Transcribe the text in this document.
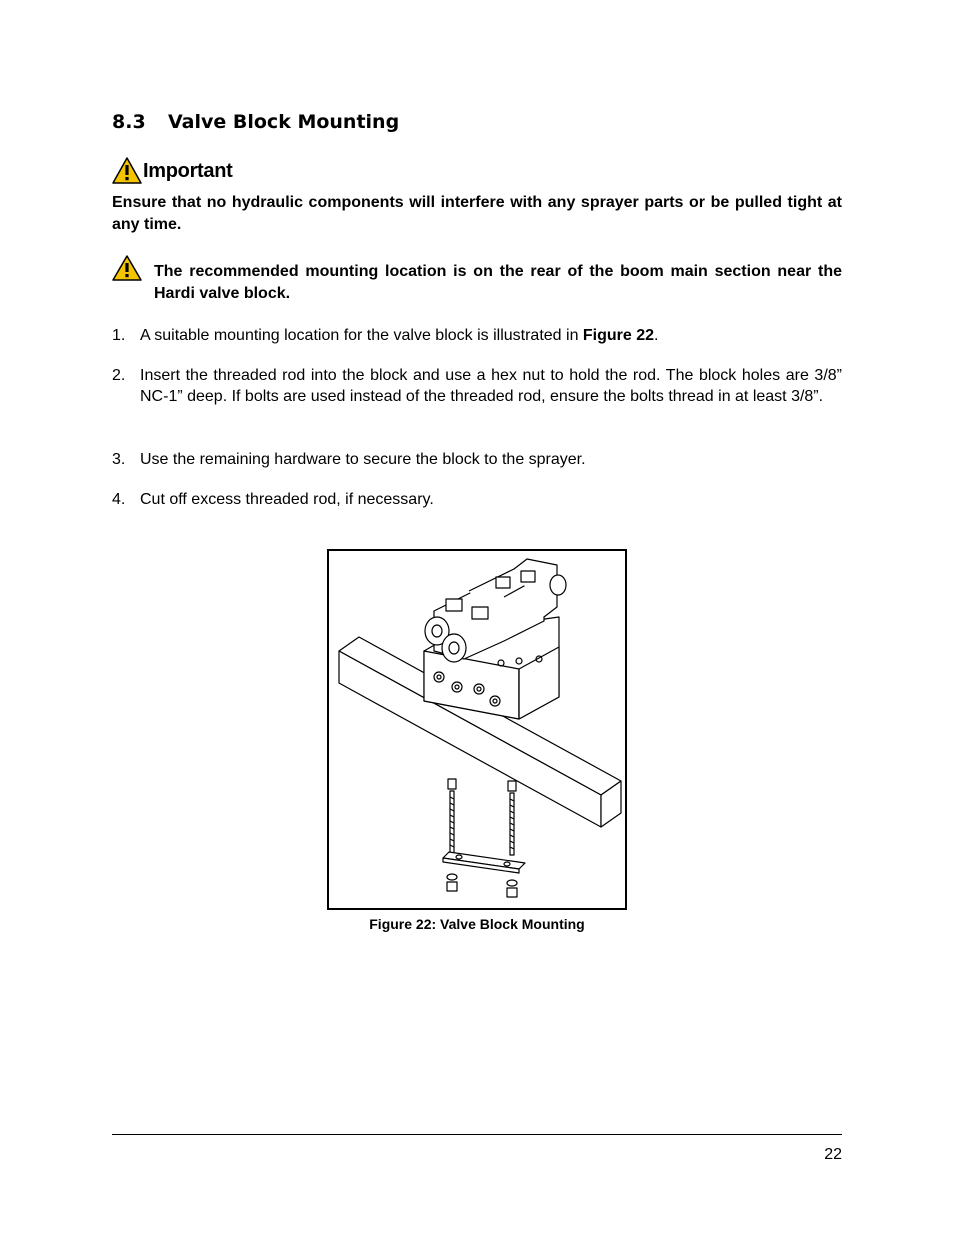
8.3 Valve Block Mounting
Important
Ensure that no hydraulic components will interfere with any sprayer parts or be pulled tight at any time.
The recommended mounting location is on the rear of the boom main section near the Hardi valve block.
1. A suitable mounting location for the valve block is illustrated in Figure 22.
2. Insert the threaded rod into the block and use a hex nut to hold the rod. The block holes are 3/8” NC-1” deep. If bolts are used instead of the threaded rod, ensure the bolts thread in at least 3/8”.
3. Use the remaining hardware to secure the block to the sprayer.
4. Cut off excess threaded rod, if necessary.
Figure 22: Valve Block Mounting
22
